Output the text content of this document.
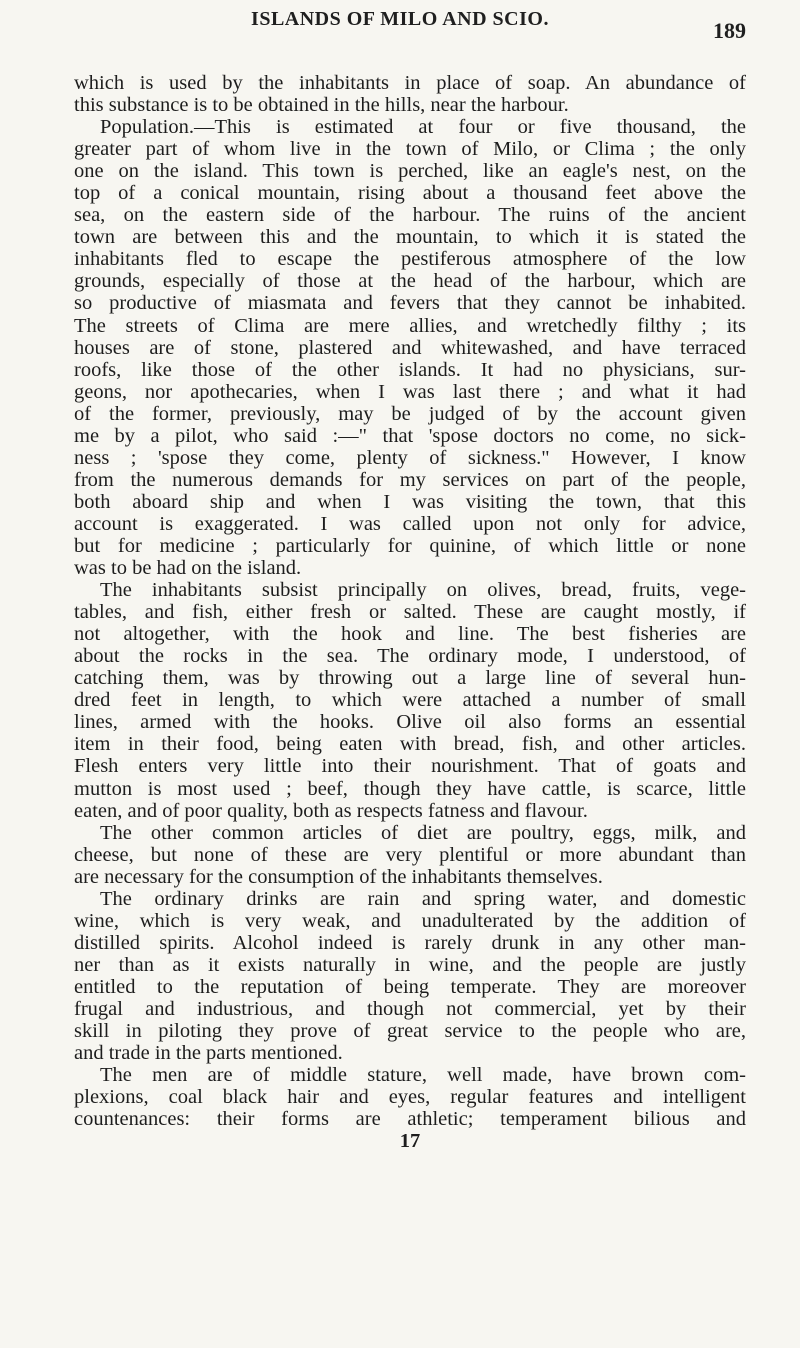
ISLANDS OF MILO AND SCIO.	189
which is used by the inhabitants in place of soap. An abundance of
this substance is to be obtained in the hills, near the harbour.
Population.—This is estimated at four or five thousand, the
greater part of whom live in the town of Milo, or Clima ; the only
one on the island. This town is perched, like an eagle's nest, on the
top of a conical mountain, rising about a thousand feet above the
sea, on the eastern side of the harbour. The ruins of the ancient
town are between this and the mountain, to which it is stated the
inhabitants fled to escape the pestiferous atmosphere of the low
grounds, especially of those at the head of the harbour, which are
so productive of miasmata and fevers that they cannot be inhabited.
The streets of Clima are mere allies, and wretchedly filthy ; its
houses are of stone, plastered and whitewashed, and have terraced
roofs, like those of the other islands. It had no physicians, sur-
geons, nor apothecaries, when I was last there ; and what it had
of the former, previously, may be judged of by the account given
me by a pilot, who said :—" that 'spose doctors no come, no sick-
ness ; 'spose they come, plenty of sickness." However, I know
from the numerous demands for my services on part of the people,
both aboard ship and when I was visiting the town, that this
account is exaggerated. I was called upon not only for advice,
but for medicine ; particularly for quinine, of which little or none
was to be had on the island.
The inhabitants subsist principally on olives, bread, fruits, vege-
tables, and fish, either fresh or salted. These are caught mostly, if
not altogether, with the hook and line. The best fisheries are
about the rocks in the sea. The ordinary mode, I understood, of
catching them, was by throwing out a large line of several hun-
dred feet in length, to which were attached a number of small
lines, armed with the hooks. Olive oil also forms an essential
item in their food, being eaten with bread, fish, and other articles.
Flesh enters very little into their nourishment. That of goats and
mutton is most used ; beef, though they have cattle, is scarce, little
eaten, and of poor quality, both as respects fatness and flavour.
The other common articles of diet are poultry, eggs, milk, and
cheese, but none of these are very plentiful or more abundant than
are necessary for the consumption of the inhabitants themselves.
The ordinary drinks are rain and spring water, and domestic
wine, which is very weak, and unadulterated by the addition of
distilled spirits. Alcohol indeed is rarely drunk in any other man-
ner than as it exists naturally in wine, and the people are justly
entitled to the reputation of being temperate. They are moreover
frugal and industrious, and though not commercial, yet by their
skill in piloting they prove of great service to the people who are,
and trade in the parts mentioned.
The men are of middle stature, well made, have brown com-
plexions, coal black hair and eyes, regular features and intelligent
countenances: their forms are athletic; temperament bilious and
17
